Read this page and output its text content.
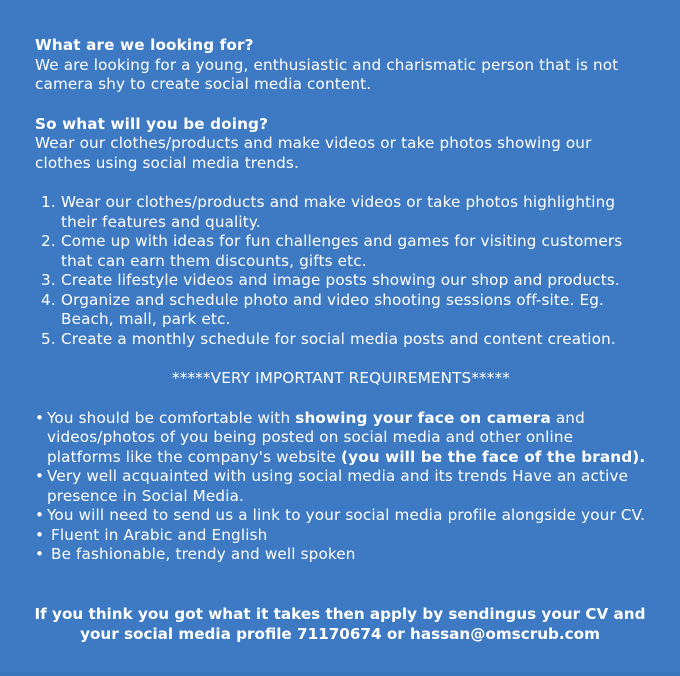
What are we looking for?

We are looking for a young, enthusiastic and charismatic person that is not camera shy to create social media content.

So what will you be doing?

Wear our clothes/products and make videos or take photos showing our clothes using social media trends.

1. Wear our clothes/products and make videos or take photos highlighting their features and quality.
2. Come up with ideas for fun challenges and games for visiting customers that can earn them discounts, gifts etc.
3. Create lifestyle videos and image posts showing our shop and products.
4. Organize and schedule photo and video shooting sessions off-site. Eg. Beach, mall, park etc.
5. Create a monthly schedule for social media posts and content creation.

*****VERY IMPORTANT REQUIREMENTS*****

• You should be comfortable with showing your face on camera and videos/photos of you being posted on social media and other online platforms like the company's website (you will be the face of the brand).
• Very well acquainted with using social media and its trends Have an active presence in Social Media.
• You will need to send us a link to your social media profile alongside your CV.
• Fluent in Arabic and English
• Be fashionable, trendy and well spoken
If you think you got what it takes then apply by sendingus your CV and
your social media profile 71170674 or hassan@omscrub.com
